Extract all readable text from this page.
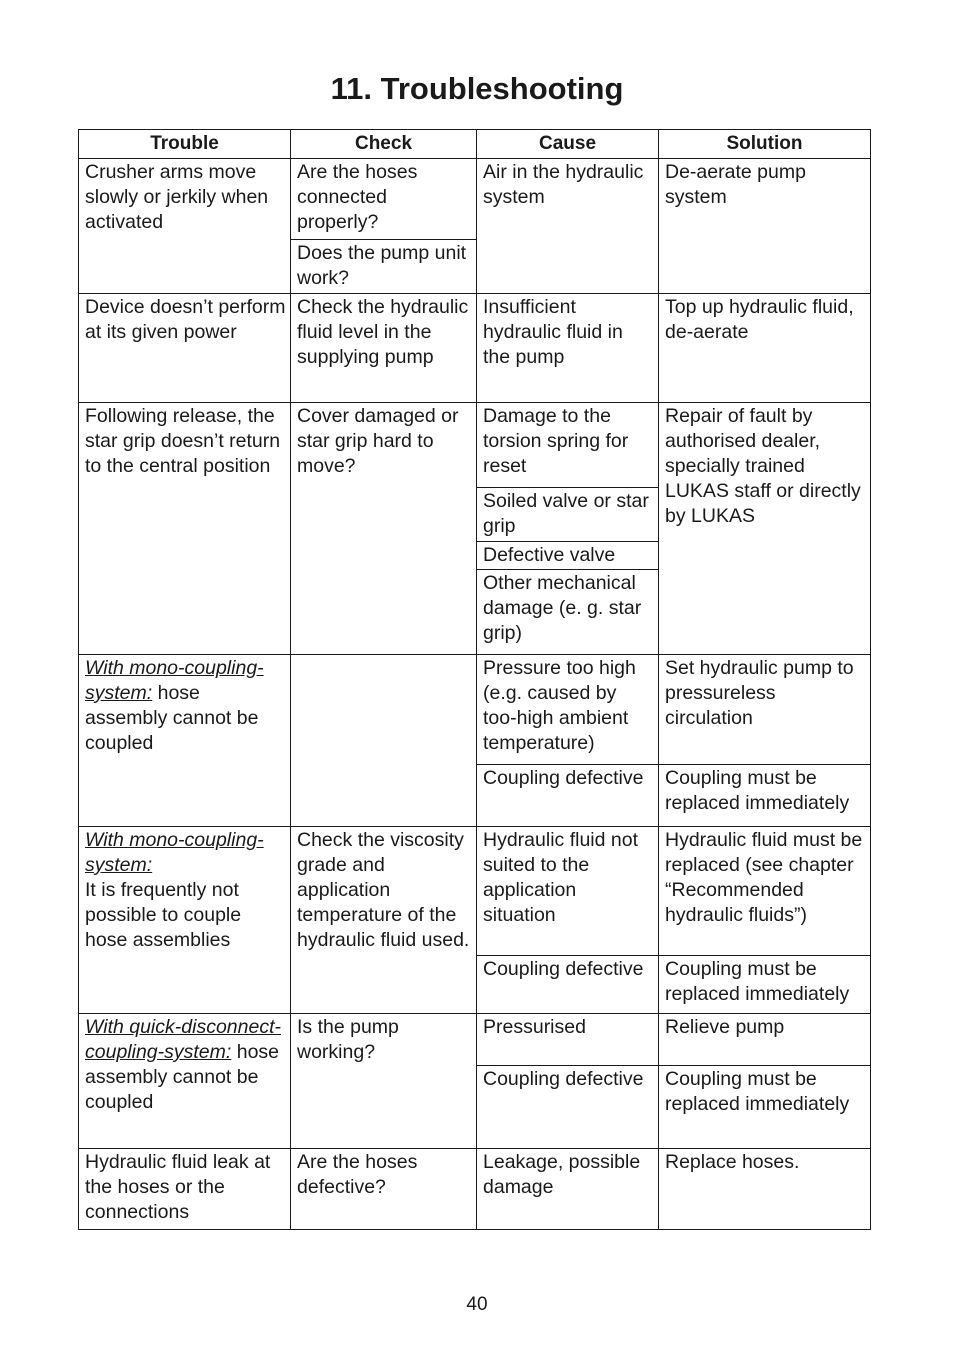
11. Troubleshooting
Trouble	Check	Cause	Solution
Crusher arms move slowly or jerkily when activated	Are the hoses connected properly?	Air in the hydraulic system	De-aerate pump system
	Does the pump unit work?		
Device doesn’t perform at its given power	Check the hydraulic fluid level in the supplying pump	Insufficient hydraulic fluid in the pump	Top up hydraulic fluid, de-aerate
Following release, the star grip doesn’t return to the central position	Cover damaged or star grip hard to move?	Damage to the torsion spring for reset	Repair of fault by authorised dealer, specially trained LUKAS staff or directly by LUKAS
		Soiled valve or star grip	
		Defective valve	
		Other mechanical damage (e. g. star grip)	
With mono-coupling-system: hose assembly cannot be coupled		Pressure too high (e.g. caused by too-high ambient temperature)	Set hydraulic pump to pressureless circulation
		Coupling defective	Coupling must be replaced immediately
With mono-coupling-system:
It is frequently not possible to couple hose assemblies	Check the viscosity grade and application temperature of the hydraulic fluid used.	Hydraulic fluid not suited to the application situation	Hydraulic fluid must be replaced (see chapter “Recommended hydraulic fluids”)
		Coupling defective	Coupling must be replaced immediately
With quick-disconnect-coupling-system: hose assembly cannot be coupled	Is the pump working?	Pressurised	Relieve pump
		Coupling defective	Coupling must be replaced immediately
Hydraulic fluid leak at the hoses or the connections	Are the hoses defective?	Leakage, possible damage	Replace hoses.
40
